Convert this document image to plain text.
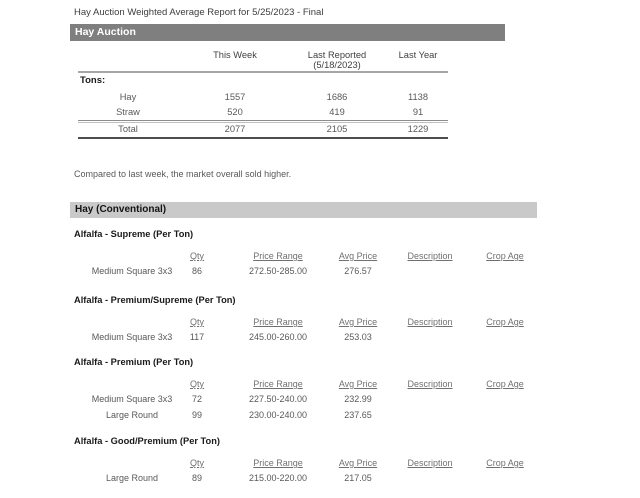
Hay Auction Weighted Average Report for 5/25/2023 - Final
Hay Auction
This Week	Last Reported
(5/18/2023)
Last Year
Tons:
Hay	1557	1686	1138
Straw	520	419	91
Total	2077	2105	1229
Compared to last week, the market overall sold higher.
Hay (Conventional)
Alfalfa - Supreme (Per Ton)
Qty	Price Range	Avg Price	Description	Crop Age
Medium Square 3x3	86	272.50-285.00	276.57
Alfalfa - Premium/Supreme (Per Ton)
Qty	Price Range	Avg Price	Description	Crop Age
Medium Square 3x3	117	245.00-260.00	253.03
Alfalfa - Premium (Per Ton)
Qty	Price Range	Avg Price	Description	Crop Age
Medium Square 3x3	72	227.50-240.00	232.99
Large Round	99	230.00-240.00	237.65
Alfalfa - Good/Premium (Per Ton)
Qty	Price Range	Avg Price	Description	Crop Age
Large Round	89	215.00-220.00	217.05
